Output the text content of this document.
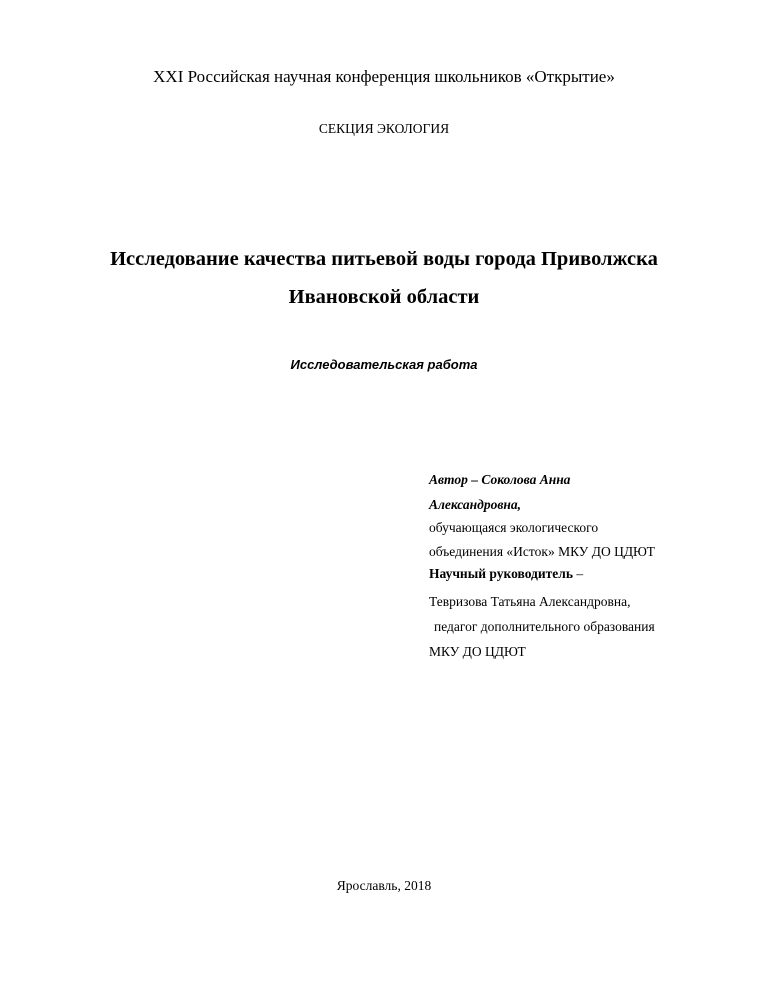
XXI Российская научная конференция школьников «Открытие»

СЕКЦИЯ ЭКОЛОГИЯ

Исследование качества питьевой воды города Приволжска

Ивановской области

Исследовательская работа

Автор – Соколова Анна
Александровна,
обучающаяся экологического
объединения «Исток» МКУ ДО ЦДЮТ
Научный руководитель –
Тевризова Татьяна Александровна,
педагог дополнительного образования
МКУ ДО ЦДЮТ

Ярославль, 2018
